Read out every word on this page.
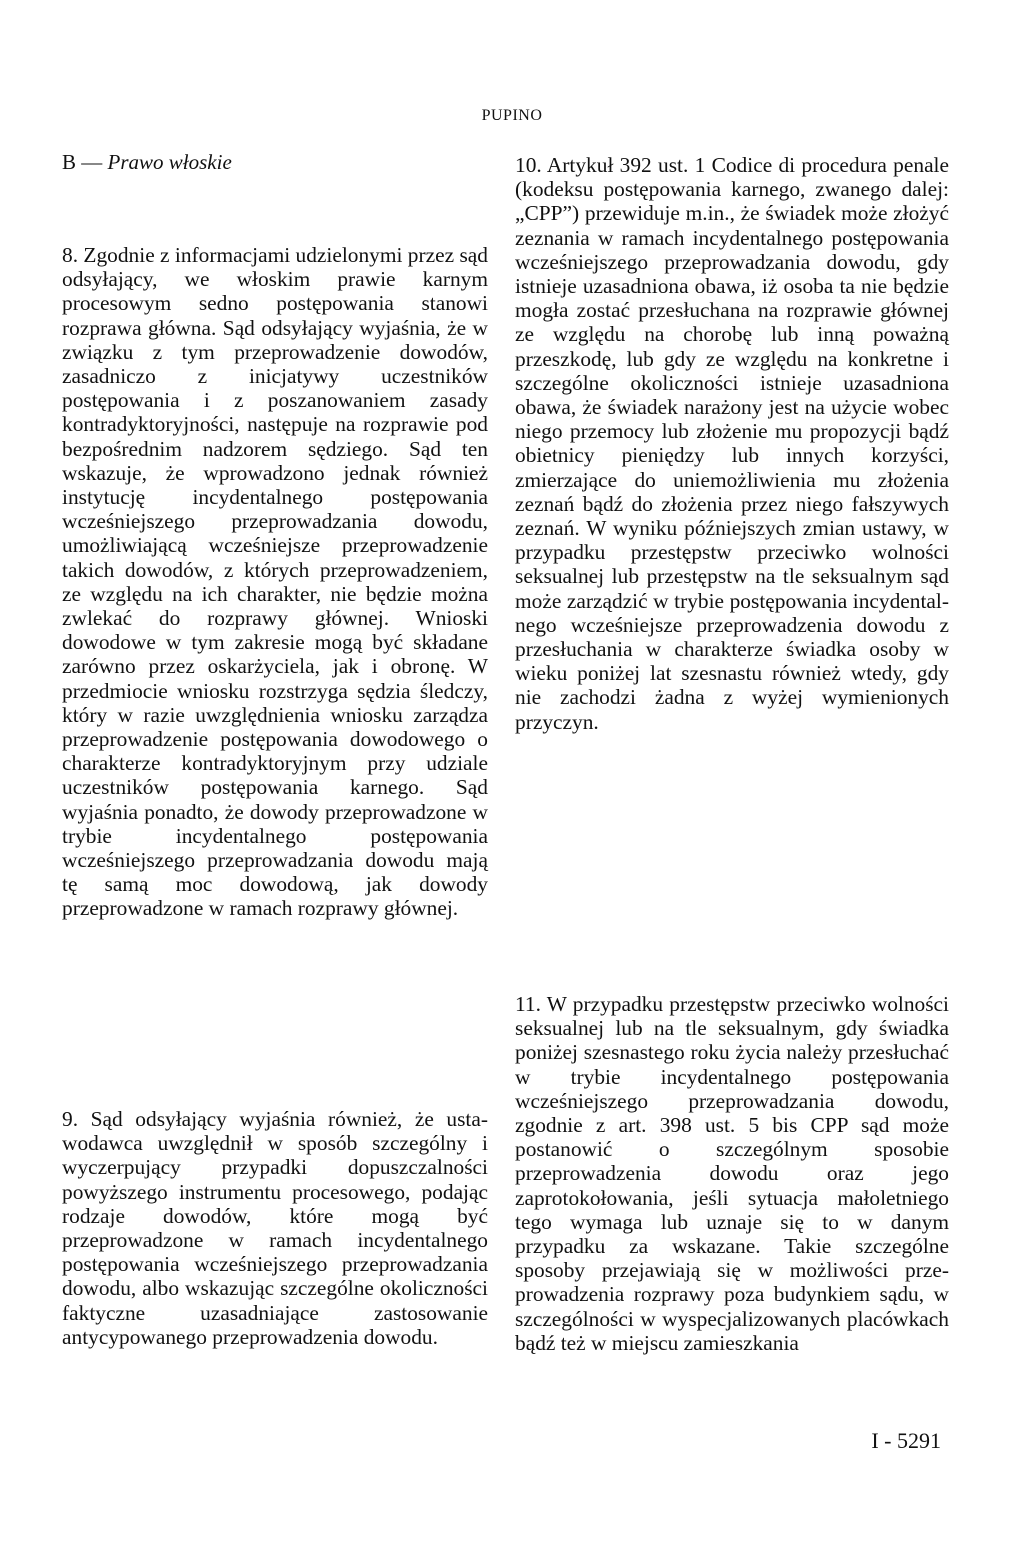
PUPINO
B — Prawo włoskie

8. Zgodnie z informacjami udzielonymi przez sąd odsyłający, we włoskim prawie karnym procesowym sedno postępowania stanowi rozprawa główna. Sąd odsyłający wyjaśnia, że w związku z tym przeprowadzenie dowodów, zasadniczo z inicjatywy uczestników postępowania i z poszanowaniem zasady kontradyktoryjności, następuje na rozprawie pod bezpośrednim nadzorem sędziego. Sąd ten wskazuje, że wprowadzono jednak również instytucję incydentalnego postępowania wcześniejszego przeprowadzania dowodu, umożliwiającą wcześniejsze przeprowadzenie takich dowodów, z których przeprowadzeniem, ze względu na ich charakter, nie będzie można zwlekać do rozprawy głównej. Wnioski dowodowe w tym zakresie mogą być składane zarówno przez oskarżyciela, jak i obronę. W przedmiocie wniosku rozstrzyga sędzia śledczy, który w razie uwzględnienia wniosku zarządza przeprowadzenie postępowania dowodowego o charakterze kontradyktoryjnym przy udziale uczestników postępowania karnego. Sąd wyjaśnia ponadto, że dowody przeprowadzone w trybie incydentalnego postępowania wcześniejszego przeprowadzania dowodu mają tę samą moc dowodową, jak dowody przeprowadzone w ramach rozprawy głównej.

9. Sąd odsyłający wyjaśnia również, że ustawodawca uwzględnił w sposób szczególny i wyczerpujący przypadki dopuszczalności powyższego instrumentu procesowego, podając rodzaje dowodów, które mogą być przeprowadzone w ramach incydentalnego postępowania wcześniejszego przeprowadzania dowodu, albo wskazując szczególne okoliczności faktyczne uzasadniające zastosowanie antycypowanego przeprowadzenia dowodu.

10. Artykuł 392 ust. 1 Codice di procedura penale (kodeksu postępowania karnego, zwanego dalej: „CPP”) przewiduje m.in., że świadek może złożyć zeznania w ramach incydentalnego postępowania wcześniejszego przeprowadzania dowodu, gdy istnieje uzasadniona obawa, iż osoba ta nie będzie mogła zostać przesłuchana na rozprawie głównej ze względu na chorobę lub inną poważną przeszkodę, lub gdy ze względu na konkretne i szczególne okoliczności istnieje uzasadniona obawa, że świadek narażony jest na użycie wobec niego przemocy lub złożenie mu propozycji bądź obietnicy pieniędzy lub innych korzyści, zmierzające do uniemożliwienia mu złożenia zeznań bądź do złożenia przez niego fałszywych zeznań. W wyniku późniejszych zmian ustawy, w przypadku przestępstw przeciwko wolności seksualnej lub przestępstw na tle seksualnym sąd może zarządzić w trybie postępowania incydentalnego wcześniejsze przeprowadzenia dowodu z przesłuchania w charakterze świadka osoby w wieku poniżej lat szesnastu również wtedy, gdy nie zachodzi żadna z wyżej wymienionych przyczyn.

11. W przypadku przestępstw przeciwko wolności seksualnej lub na tle seksualnym, gdy świadka poniżej szesnastego roku życia należy przesłuchać w trybie incydentalnego postępowania wcześniejszego przeprowadzania dowodu, zgodnie z art. 398 ust. 5 bis CPP sąd może postanowić o szczególnym sposobie przeprowadzenia dowodu oraz jego zaprotokołowania, jeśli sytuacja małoletniego tego wymaga lub uznaje się to w danym przypadku za wskazane. Takie szczególne sposoby przejawiają się w możliwości przeprowadzenia rozprawy poza budynkiem sądu, w szczególności w wyspecjalizowanych placówkach bądź też w miejscu zamieszkania

I - 5291
